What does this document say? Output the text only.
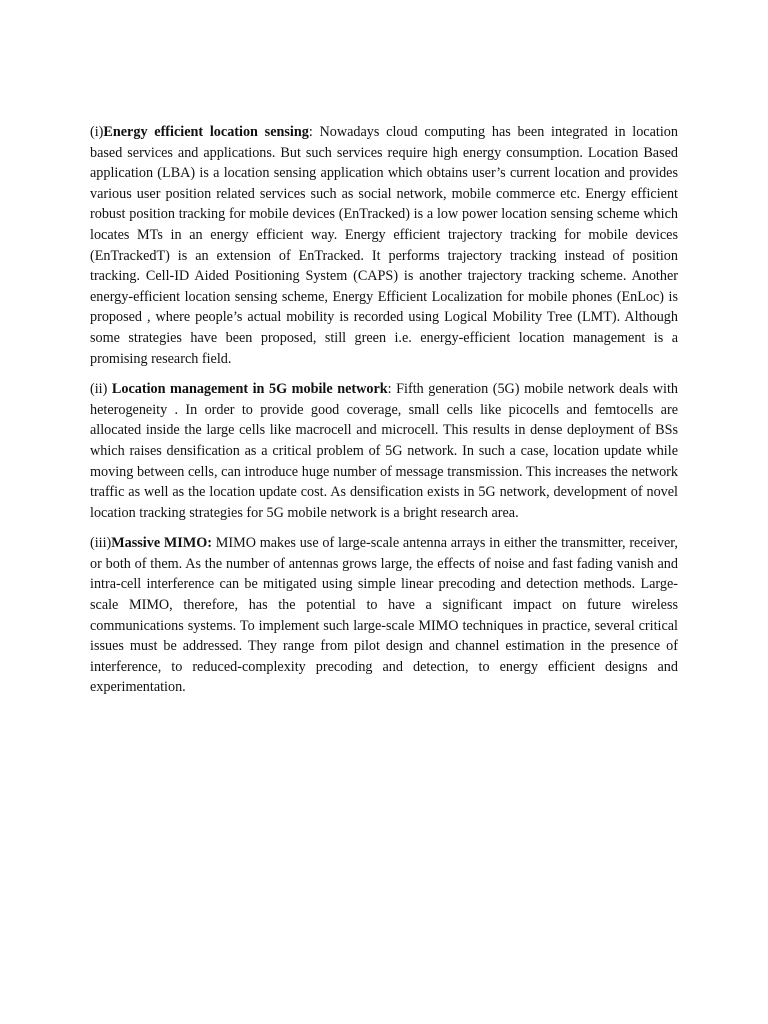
(i)Energy efficient location sensing: Nowadays cloud computing has been integrated in location based services and applications. But such services require high energy consumption. Location Based application (LBA) is a location sensing application which obtains user’s current location and provides various user position related services such as social network, mobile commerce etc. Energy efficient robust position tracking for mobile devices (EnTracked) is a low power location sensing scheme which locates MTs in an energy efficient way. Energy efficient trajectory tracking for mobile devices (EnTrackedT) is an extension of EnTracked. It performs trajectory tracking instead of position tracking. Cell-ID Aided Positioning System (CAPS) is another trajectory tracking scheme. Another energy-efficient location sensing scheme, Energy Efficient Localization for mobile phones (EnLoc) is proposed , where people’s actual mobility is recorded using Logical Mobility Tree (LMT). Although some strategies have been proposed, still green i.e. energy-efficient location management is a promising research field.

(ii) Location management in 5G mobile network: Fifth generation (5G) mobile network deals with heterogeneity . In order to provide good coverage, small cells like picocells and femtocells are allocated inside the large cells like macrocell and microcell. This results in dense deployment of BSs which raises densification as a critical problem of 5G network. In such a case, location update while moving between cells, can introduce huge number of message transmission. This increases the network traffic as well as the location update cost. As densification exists in 5G network, development of novel location tracking strategies for 5G mobile network is a bright research area.

(iii)Massive MIMO: MIMO makes use of large-scale antenna arrays in either the transmitter, receiver, or both of them. As the number of antennas grows large, the effects of noise and fast fading vanish and intra-cell interference can be mitigated using simple linear precoding and detection methods. Large-scale MIMO, therefore, has the potential to have a significant impact on future wireless communications systems. To implement such large-scale MIMO techniques in practice, several critical issues must be addressed. They range from pilot design and channel estimation in the presence of interference, to reduced-complexity precoding and detection, to energy efficient designs and experimentation.
